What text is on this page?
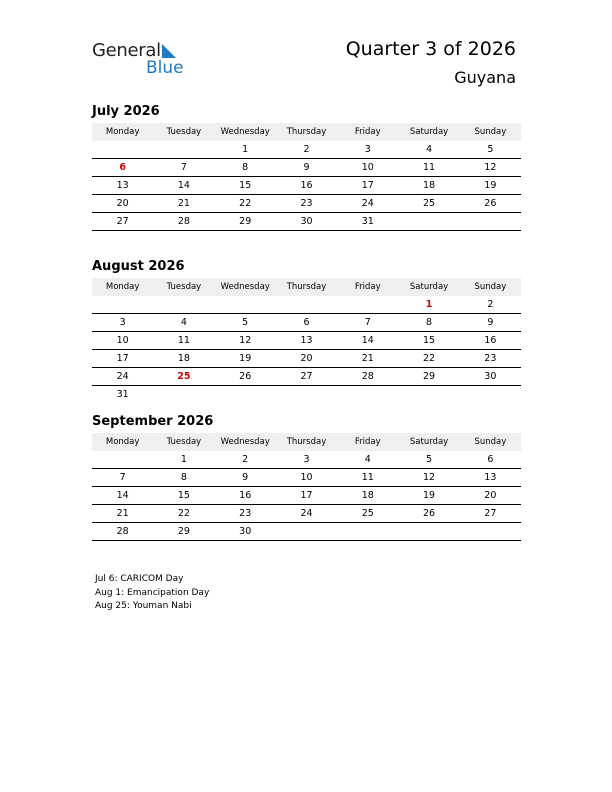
General
Blue
Quarter 3 of 2026
Guyana
July 2026
Monday	Tuesday	Wednesday	Thursday	Friday	Saturday	Sunday
		1	2	3	4	5
6	7	8	9	10	11	12
13	14	15	16	17	18	19
20	21	22	23	24	25	26
27	28	29	30	31		
August 2026
Monday	Tuesday	Wednesday	Thursday	Friday	Saturday	Sunday
					1	2
3	4	5	6	7	8	9
10	11	12	13	14	15	16
17	18	19	20	21	22	23
24	25	26	27	28	29	30
31						
September 2026
Monday	Tuesday	Wednesday	Thursday	Friday	Saturday	Sunday
	1	2	3	4	5	6
7	8	9	10	11	12	13
14	15	16	17	18	19	20
21	22	23	24	25	26	27
28	29	30				
Jul 6: CARICOM Day
Aug 1: Emancipation Day
Aug 25: Youman Nabi
